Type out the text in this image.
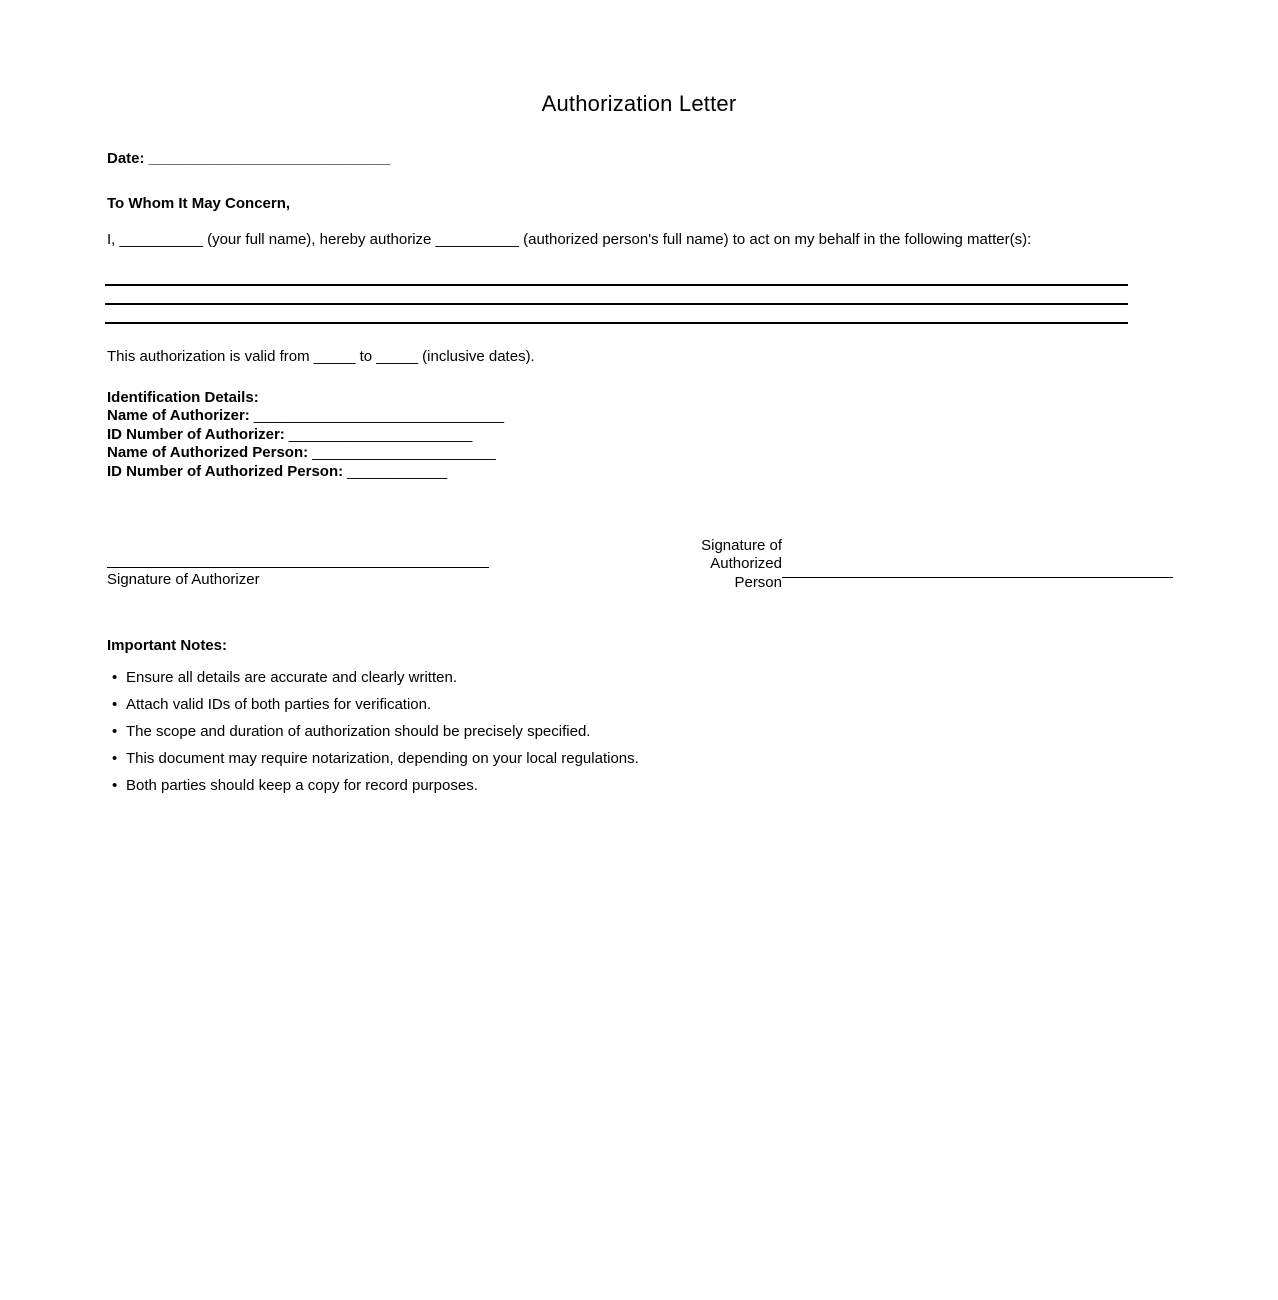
Authorization Letter
Date: _____________________________
To Whom It May Concern,

I, __________ (your full name), hereby authorize __________ (authorized person's full name) to act on my behalf in the following matter(s):

This authorization is valid from _____ to _____ (inclusive dates).

Identification Details:
Name of Authorizer: ______________________________
ID Number of Authorizer: ______________________
Name of Authorized Person: ______________________
ID Number of Authorized Person: ____________
Signature of Authorizer
Signature of Authorized Person
Important Notes:
• Ensure all details are accurate and clearly written.
• Attach valid IDs of both parties for verification.
• The scope and duration of authorization should be precisely specified.
• This document may require notarization, depending on your local regulations.
• Both parties should keep a copy for record purposes.
